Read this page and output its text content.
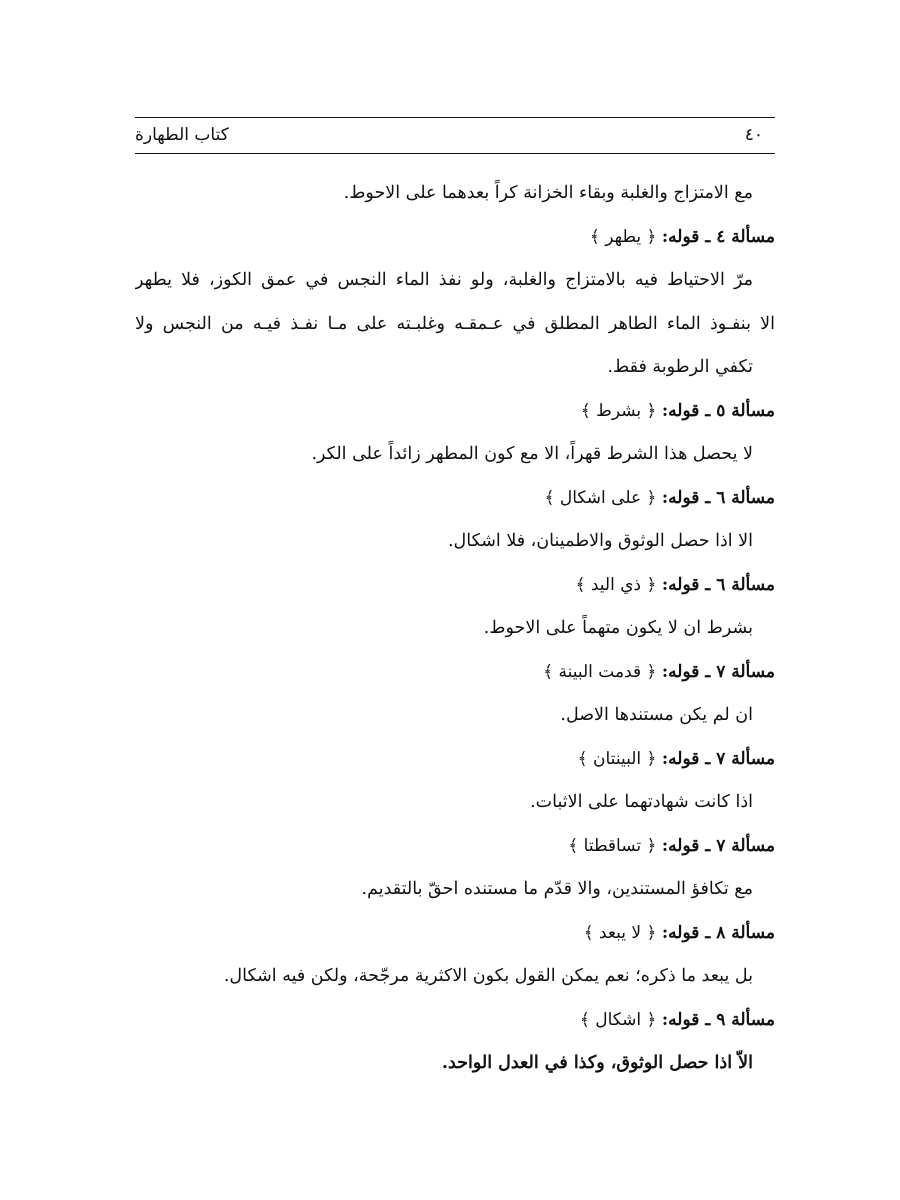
كتاب الطهارة	٤٠
مع الامتزاج والغلبة وبقاء الخزانة كراً بعدهما على الاحوط.
مسألة ٤ ـ قوله: ﴿ يطهر ﴾
مرّ الاحتياط فيه بالامتزاج والغلبة، ولو نفذ الماء النجس في عمق الكوز، فلا يطهر
الا بنفـوذ الماء الطاهر المطلق في عـمقـه وغلبـته على مـا نفـذ فيـه من النجس ولا
تكفي الرطوبة فقط.
مسألة ٥ ـ قوله: ﴿ بشرط ﴾
لا يحصل هذا الشرط قهراً، الا مع كون المطهر زائداً على الكر.
مسألة ٦ ـ قوله: ﴿ على اشكال ﴾
الا اذا حصل الوثوق والاطمينان، فلا اشكال.
مسألة ٦ ـ قوله: ﴿ ذي اليد ﴾
بشرط ان لا يكون متهماً على الاحوط.
مسألة ٧ ـ قوله: ﴿ قدمت البينة ﴾
ان لم يكن مستندها الاصل.
مسألة ٧ ـ قوله: ﴿ البينتان ﴾
اذا كانت شهادتهما على الاثبات.
مسألة ٧ ـ قوله: ﴿ تساقطتا ﴾
مع تكافؤ المستندين، والا قدّم ما مستنده احقّ بالتقديم.
مسألة ٨ ـ قوله: ﴿ لا يبعد ﴾
بل يبعد ما ذكره؛ نعم يمكن القول بكون الاكثرية مرجّحة، ولكن فيه اشكال.
مسألة ٩ ـ قوله: ﴿ اشكال ﴾
الاّ اذا حصل الوثوق، وكذا في العدل الواحد.
